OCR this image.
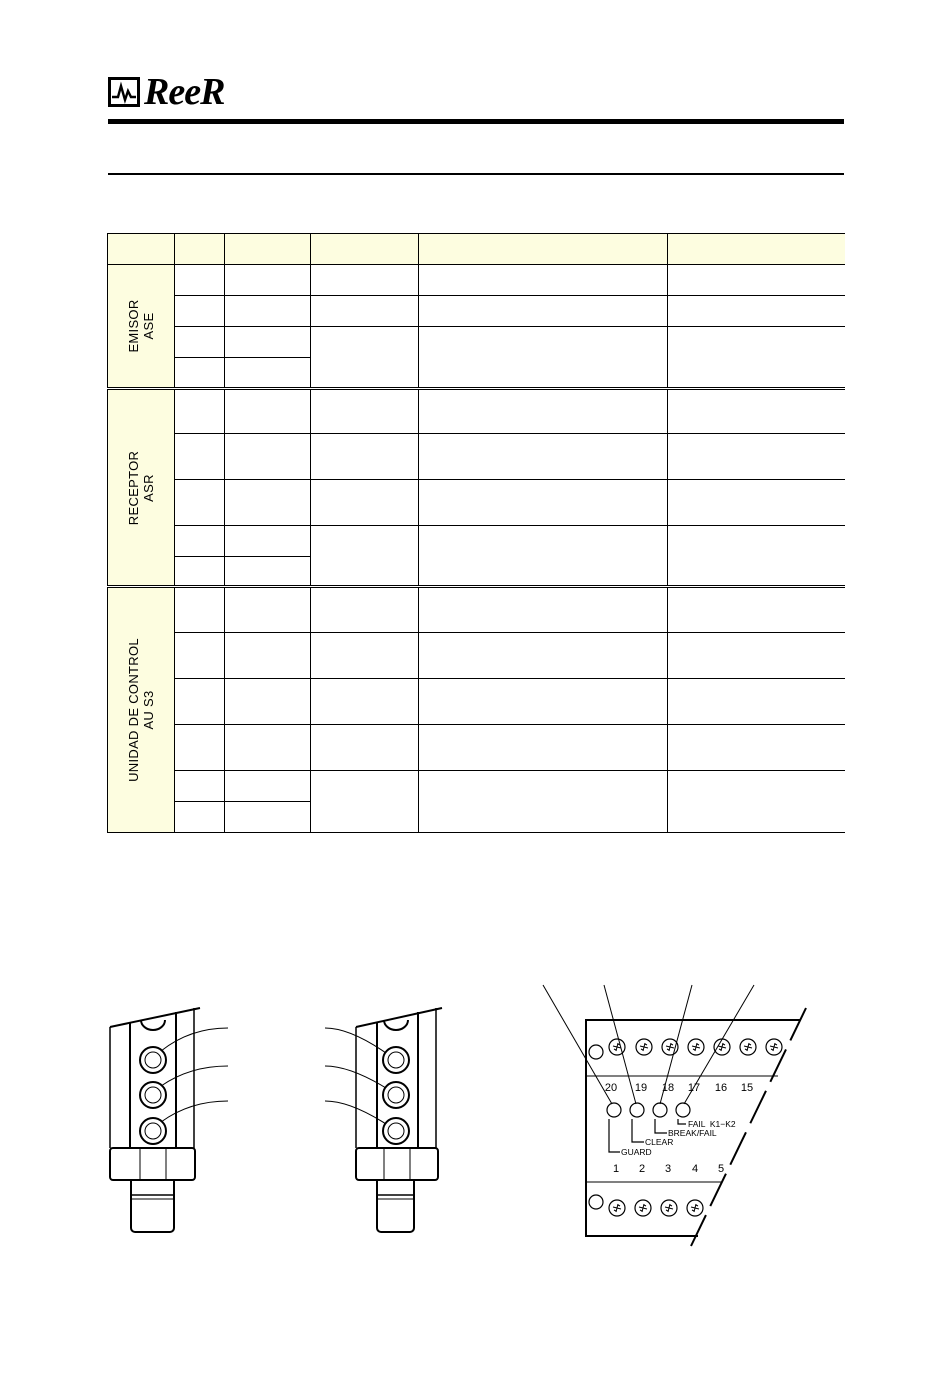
ReeR

EMISOR ASE					

RECEPTOR ASR					

UNIDAD DE CONTROL AU S3					

20 19 18 17 16 15
1 2 3 4 5
GUARD
CLEAR
BREAK/FAIL
FAIL  K1−K2
